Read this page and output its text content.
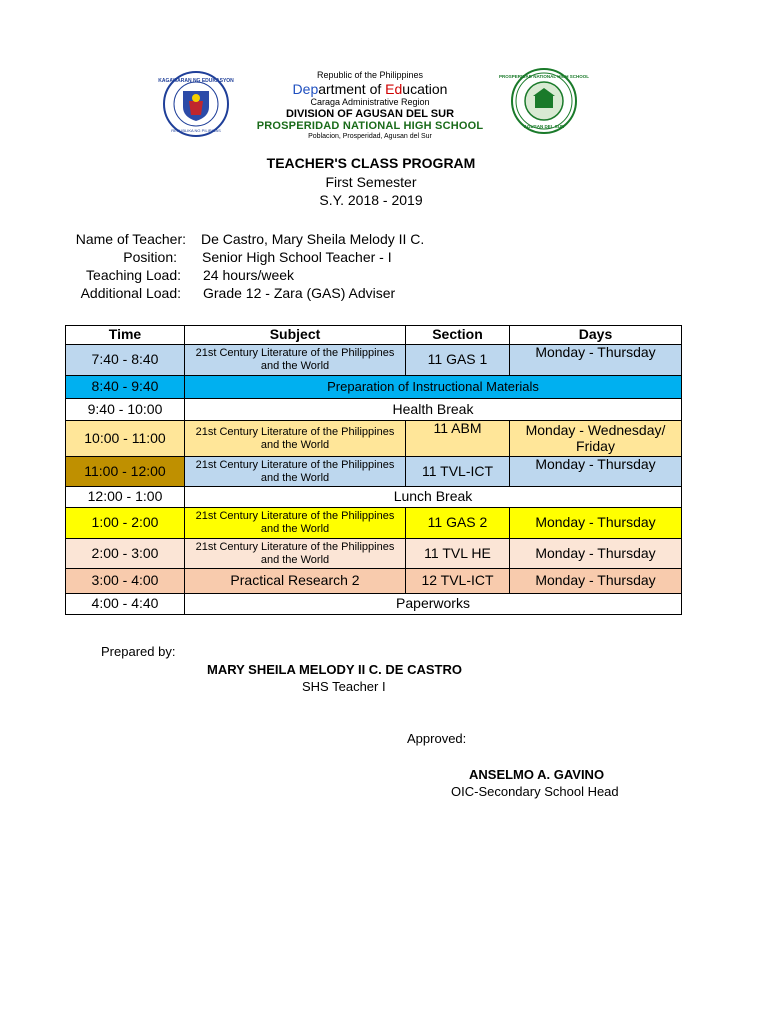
KAGAWARAN NG EDUKASYON
REPUBLIKA NG PILIPINAS
PROSPERIDAD NATIONAL HIGH SCHOOL
AGUSAN DEL SUR
Republic of the Philippines
Department of Education
Caraga Administrative Region
DIVISION OF AGUSAN DEL SUR
PROSPERIDAD NATIONAL HIGH SCHOOL
Poblacion, Prosperidad, Agusan del Sur
TEACHER'S CLASS PROGRAM
First Semester
S.Y. 2018 - 2019
Name of Teacher: De Castro, Mary Sheila Melody II C.
Position: Senior High School Teacher - I
Teaching Load: 24 hours/week
Additional Load: Grade 12 - Zara (GAS) Adviser
Time	Subject	Section	Days
7:40 - 8:40	21st Century Literature of the Philippines and the World	11 GAS 1	Monday - Thursday
8:40 - 9:40	Preparation of Instructional Materials		
9:40 - 10:00	Health Break		
10:00 - 11:00	21st Century Literature of the Philippines and the World	11 ABM	Monday - Wednesday/ Friday
11:00 - 12:00	21st Century Literature of the Philippines and the World	11 TVL-ICT	Monday - Thursday
12:00 - 1:00	Lunch Break		
1:00 - 2:00	21st Century Literature of the Philippines and the World	11 GAS 2	Monday - Thursday
2:00 - 3:00	21st Century Literature of the Philippines and the World	11 TVL HE	Monday - Thursday
3:00 - 4:00	Practical Research 2	12 TVL-ICT	Monday - Thursday
4:00 - 4:40	Paperworks		
Prepared by:
MARY SHEILA MELODY II C. DE CASTRO
SHS Teacher I
Approved:
ANSELMO A. GAVINO
OIC-Secondary School Head
